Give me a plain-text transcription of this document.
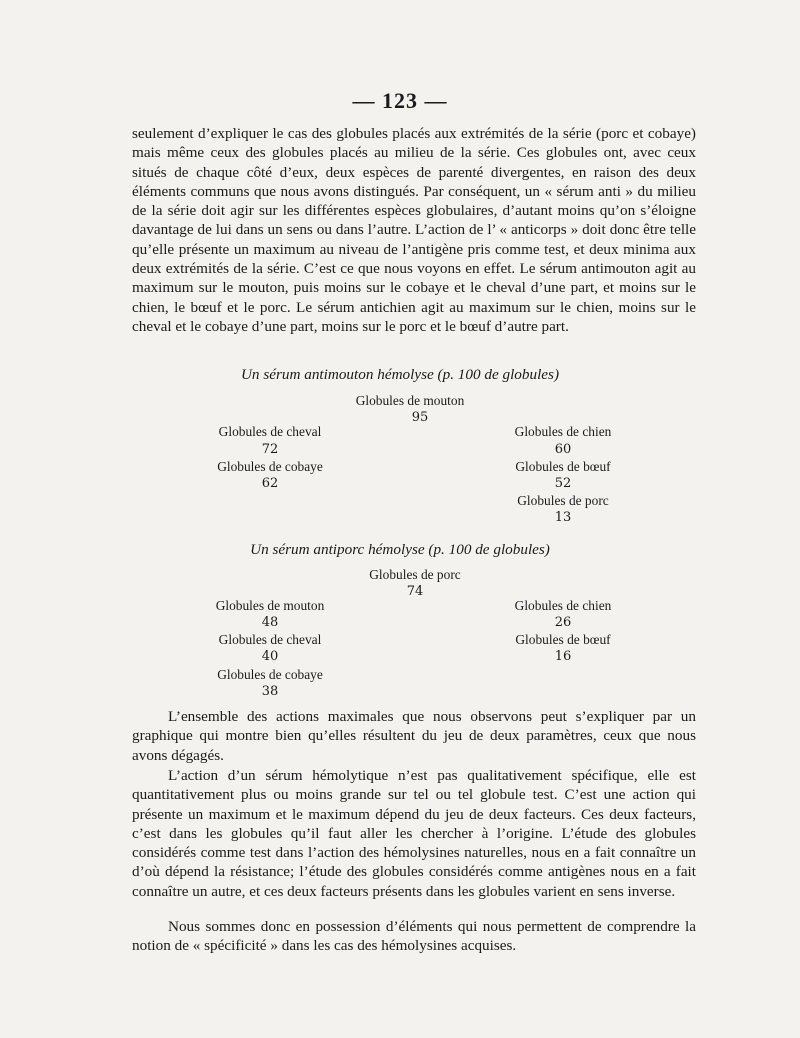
— 123 —

seulement d’expliquer le cas des globules placés aux extrémités de la série (porc et cobaye) mais même ceux des globules placés au milieu de la série. Ces globules ont, avec ceux situés de chaque côté d’eux, deux espèces de parenté divergentes, en raison des deux éléments communs que nous avons distingués. Par conséquent, un « sérum anti » du milieu de la série doit agir sur les différentes espèces globulaires, d’autant moins qu’on s’éloigne davantage de lui dans un sens ou dans l’autre. L’action de l’ « anticorps » doit donc être telle qu’elle présente un maximum au niveau de l’antigène pris comme test, et deux minima aux deux extrémités de la série. C’est ce que nous voyons en effet. Le sérum antimouton agit au maximum sur le mouton, puis moins sur le cobaye et le cheval d’une part, et moins sur le chien, le bœuf et le porc. Le sérum antichien agit au maximum sur le chien, moins sur le cheval et le cobaye d’une part, moins sur le porc et le bœuf d’autre part.

Un sérum antimouton hémolyse (p. 100 de globules)
Globules de mouton
95
Globules de cheval
72
Globules de cobaye
62
Globules de chien
60
Globules de bœuf
52
Globules de porc
13
Un sérum antiporc hémolyse (p. 100 de globules)
Globules de porc
74
Globules de mouton
48
Globules de cheval
40
Globules de cobaye
38
Globules de chien
26
Globules de bœuf
16

L’ensemble des actions maximales que nous observons peut s’expliquer par un graphique qui montre bien qu’elles résultent du jeu de deux paramètres, ceux que nous avons dégagés.

L’action d’un sérum hémolytique n’est pas qualitativement spécifique, elle est quantitativement plus ou moins grande sur tel ou tel globule test. C’est une action qui présente un maximum et le maximum dépend du jeu de deux facteurs. Ces deux facteurs, c’est dans les globules qu’il faut aller les chercher à l’origine. L’étude des globules considérés comme test dans l’action des hémolysines naturelles, nous en a fait connaître un d’où dépend la résistance; l’étude des globules considérés comme antigènes nous en a fait connaître un autre, et ces deux facteurs présents dans les globules varient en sens inverse.

Nous sommes donc en possession d’éléments qui nous permettent de comprendre la notion de « spécificité » dans les cas des hémolysines acquises.
